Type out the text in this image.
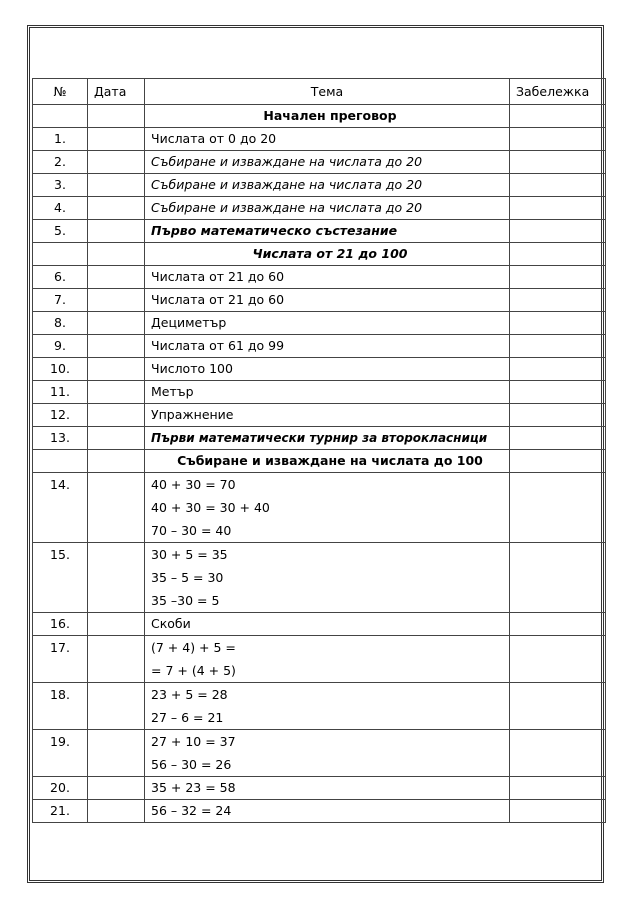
№	Дата	Тема	Забележка
		Начален преговор	
1.		Числата от 0 до 20	
2.		Събиране и изваждане на числата до 20	
3.		Събиране и изваждане на числата до 20	
4.		Събиране и изваждане на числата до 20	
5.		Първо математическо състезание	
		Числата от 21 до 100	
6.		Числата от 21 до 60	
7.		Числата от 21 до 60	
8.		Дециметър	
9.		Числата от 61 до 99	
10.		Числото 100	
11.		Метър	
12.		Упражнение	
13.		Първи математически турнир за второкласници	
		Събиране и изваждане на числата до 100	

14.		40 + 30 = 70
40 + 30 = 30 + 40
70 – 30 = 40	

15.		30 + 5 = 35
35 – 5 = 30
35 –30 = 5	

16.		Скоби	

17.		(7 + 4) + 5 =
= 7 + (4 + 5)	

18.		23 + 5 = 28
27 – 6 = 21	

19.		27 + 10 = 37
56 – 30 = 26	

20.		35 + 23 = 58	
21.		56 – 32 = 24	
